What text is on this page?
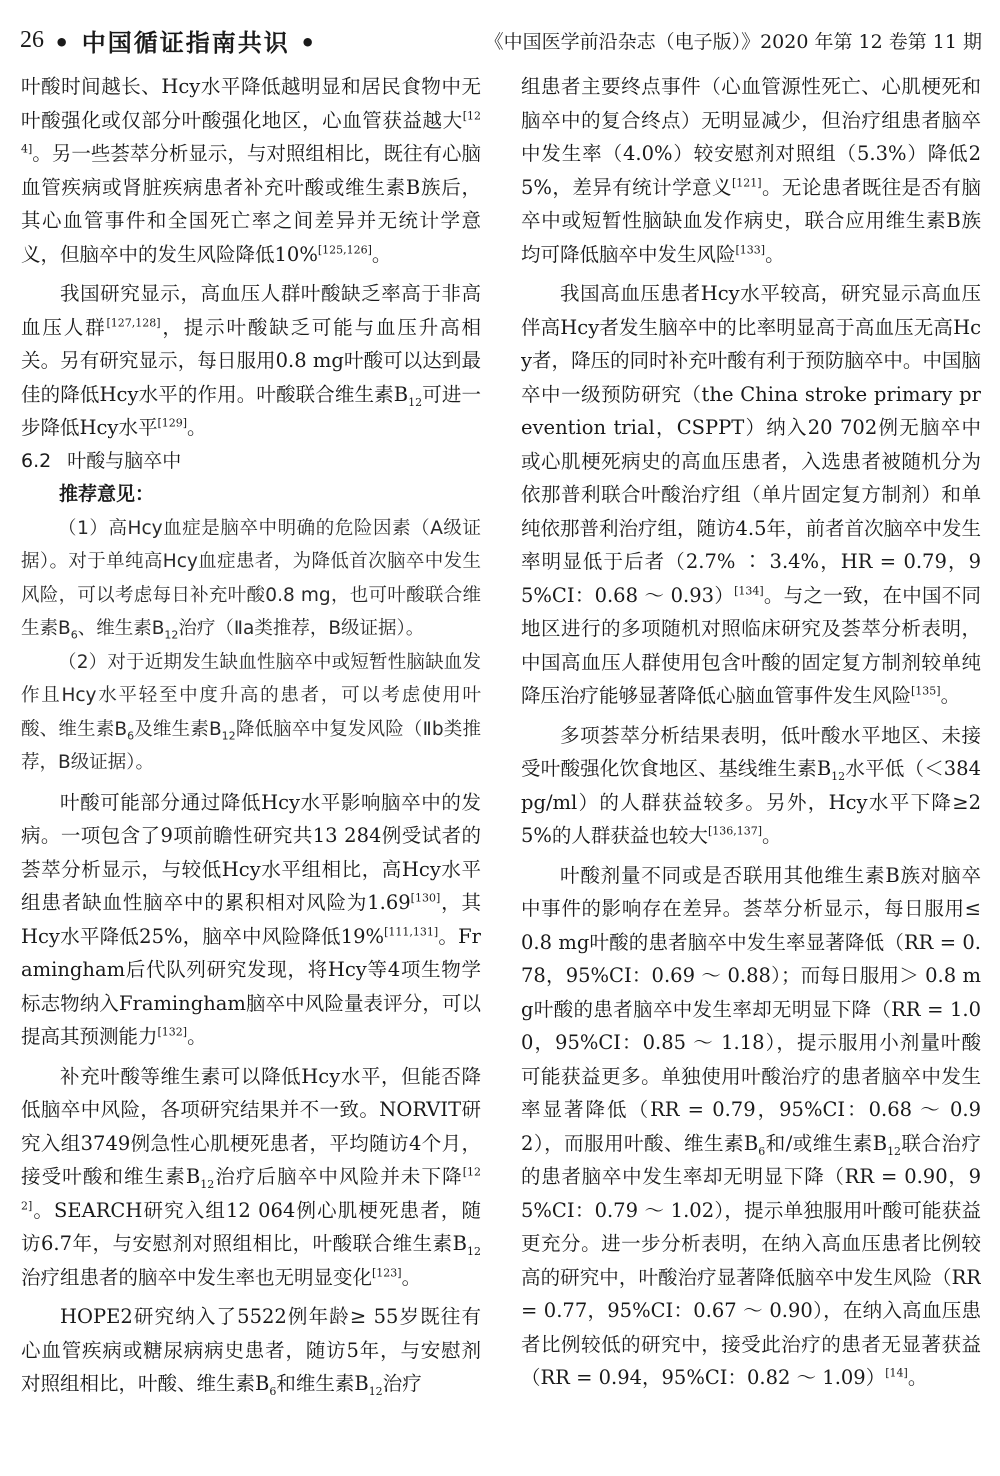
26 • 中国循证指南共识 •	《中国医学前沿杂志（电子版）》2020 年第 12 卷第 11 期

叶酸时间越长、Hcy水平降低越明显和居民食物中无叶酸强化或仅部分叶酸强化地区，心血管获益越大[124]。另一些荟萃分析显示，与对照组相比，既往有心脑血管疾病或肾脏疾病患者补充叶酸或维生素B族后，其心血管事件和全国死亡率之间差异并无统计学意义，但脑卒中的发生风险降低10%[125,126]。

我国研究显示，高血压人群叶酸缺乏率高于非高血压人群[127,128]，提示叶酸缺乏可能与血压升高相关。另有研究显示，每日服用0.8 mg叶酸可以达到最佳的降低Hcy水平的作用。叶酸联合维生素$B_{12}$可进一步降低Hcy水平[129]。

6.2 叶酸与脑卒中

推荐意见：

（1）高Hcy血症是脑卒中明确的危险因素（A级证据）。对于单纯高Hcy血症患者，为降低首次脑卒中发生风险，可以考虑每日补充叶酸0.8 mg，也可叶酸联合维生素$B_6$、维生素$B_{12}$治疗（Ⅱa类推荐，B级证据）。

（2）对于近期发生缺血性脑卒中或短暂性脑缺血发作且Hcy水平轻至中度升高的患者，可以考虑使用叶酸、维生素$B_6$及维生素$B_{12}$降低脑卒中复发风险（Ⅱb类推荐，B级证据）。

叶酸可能部分通过降低Hcy水平影响脑卒中的发病。一项包含了9项前瞻性研究共13 284例受试者的荟萃分析显示，与较低Hcy水平组相比，高Hcy水平组患者缺血性脑卒中的累积相对风险为1.69[130]，其Hcy水平降低25%，脑卒中风险降低19%[111,131]。Framingham后代队列研究发现，将Hcy等4项生物学标志物纳入Framingham脑卒中风险量表评分，可以提高其预测能力[132]。

补充叶酸等维生素可以降低Hcy水平，但能否降低脑卒中风险，各项研究结果并不一致。NORVIT研究入组3749例急性心肌梗死患者，平均随访4个月，接受叶酸和维生素$B_{12}$治疗后脑卒中风险并未下降[122]。SEARCH研究入组12 064例心肌梗死患者，随访6.7年，与安慰剂对照组相比，叶酸联合维生素$B_{12}$治疗组患者的脑卒中发生率也无明显变化[123]。

HOPE2研究纳入了5522例年龄≥ 55岁既往有心血管疾病或糖尿病病史患者，随访5年，与安慰剂对照组相比，叶酸、维生素$B_6$和维生素$B_{12}$治疗

组患者主要终点事件（心血管源性死亡、心肌梗死和脑卒中的复合终点）无明显减少，但治疗组患者脑卒中发生率（4.0%）较安慰剂对照组（5.3%）降低25%，差异有统计学意义[121]。无论患者既往是否有脑卒中或短暂性脑缺血发作病史，联合应用维生素B族均可降低脑卒中发生风险[133]。

我国高血压患者Hcy水平较高，研究显示高血压伴高Hcy者发生脑卒中的比率明显高于高血压无高Hcy者，降压的同时补充叶酸有利于预防脑卒中。中国脑卒中一级预防研究（the China stroke primary prevention trial，CSPPT）纳入20 702例无脑卒中或心肌梗死病史的高血压患者，入选患者被随机分为依那普利联合叶酸治疗组（单片固定复方制剂）和单纯依那普利治疗组，随访4.5年，前者首次脑卒中发生率明显低于后者（2.7% ∶ 3.4%，HR = 0.79，95%CI：0.68 ～ 0.93）[134]。与之一致，在中国不同地区进行的多项随机对照临床研究及荟萃分析表明，中国高血压人群使用包含叶酸的固定复方制剂较单纯降压治疗能够显著降低心脑血管事件发生风险[135]。

多项荟萃分析结果表明，低叶酸水平地区、未接受叶酸强化饮食地区、基线维生素$B_{12}$水平低（＜384 pg/ml）的人群获益较多。另外，Hcy水平下降≥25%的人群获益也较大[136,137]。

叶酸剂量不同或是否联用其他维生素B族对脑卒中事件的影响存在差异。荟萃分析显示，每日服用≤ 0.8 mg叶酸的患者脑卒中发生率显著降低（RR = 0.78，95%CI：0.69 ～ 0.88）；而每日服用＞ 0.8 mg叶酸的患者脑卒中发生率却无明显下降（RR = 1.00，95%CI：0.85 ～ 1.18），提示服用小剂量叶酸可能获益更多。单独使用叶酸治疗的患者脑卒中发生率显著降低（RR = 0.79，95%CI：0.68 ～ 0.92），而服用叶酸、维生素$B_6$和/或维生素$B_{12}$联合治疗的患者脑卒中发生率却无明显下降（RR = 0.90，95%CI：0.79 ～ 1.02），提示单独服用叶酸可能获益更充分。进一步分析表明，在纳入高血压患者比例较高的研究中，叶酸治疗显著降低脑卒中发生风险（RR = 0.77，95%CI：0.67 ～ 0.90），在纳入高血压患者比例较低的研究中，接受此治疗的患者无显著获益（RR = 0.94，95%CI：0.82 ～ 1.09）[14]。
